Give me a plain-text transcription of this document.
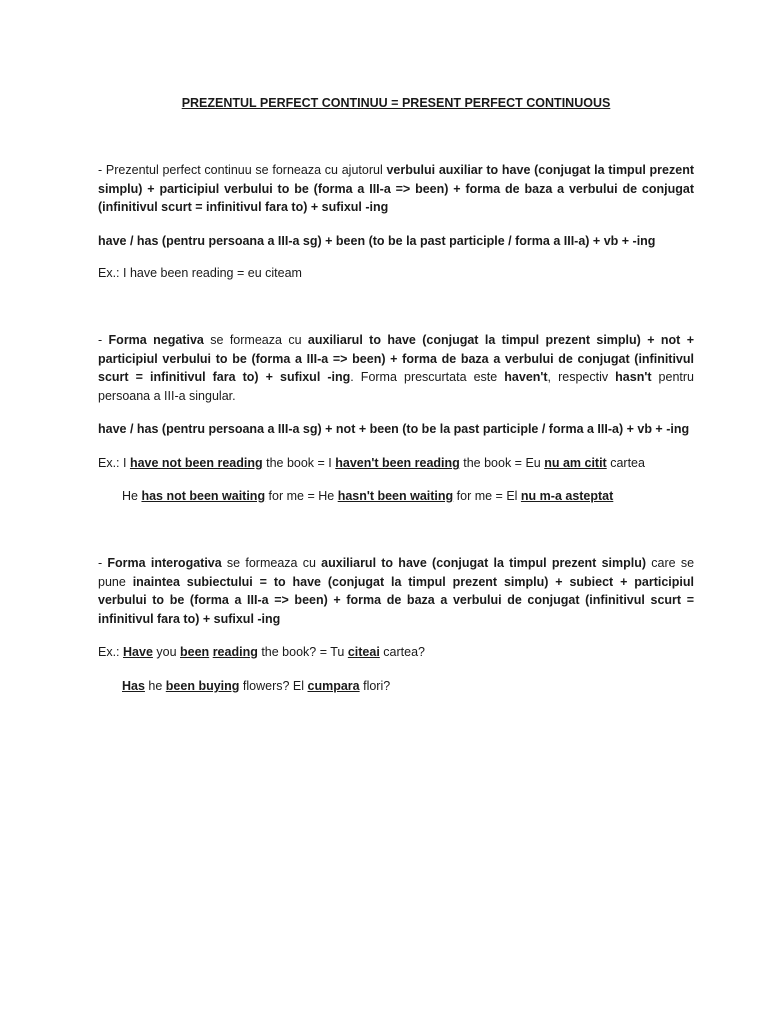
PREZENTUL PERFECT CONTINUU = PRESENT PERFECT CONTINUOUS
- Prezentul perfect continuu se forneaza cu ajutorul verbului auxiliar to have (conjugat la timpul prezent simplu) + participiul verbului to be (forma a III-a => been) + forma de baza a verbului de conjugat (infinitivul scurt = infinitivul fara to) + sufixul -ing
have / has (pentru persoana a III-a sg) + been (to be la past participle / forma a III-a) + vb + -ing
Ex.: I have been reading = eu citeam
- Forma negativa se formeaza cu auxiliarul to have (conjugat la timpul prezent simplu) + not + participiul verbului to be (forma a III-a => been) + forma de baza a verbului de conjugat (infinitivul scurt = infinitivul fara to) + sufixul -ing. Forma prescurtata este haven't, respectiv hasn't pentru persoana a III-a singular.
have / has (pentru persoana a III-a sg) + not + been (to be la past participle / forma a III-a) + vb + -ing
Ex.: I have not been reading the book = I haven't been reading the book = Eu nu am citit cartea
He has not been waiting for me = He hasn't been waiting for me = El nu m-a asteptat
- Forma interogativa se formeaza cu auxiliarul to have (conjugat la timpul prezent simplu) care se pune inaintea subiectului = to have (conjugat la timpul prezent simplu) + subiect + participiul verbului to be (forma a III-a => been) + forma de baza a verbului de conjugat (infinitivul scurt = infinitivul fara to) + sufixul -ing
Ex.: Have you been reading the book? = Tu citeai cartea?
Has he been buying flowers? El cumpara flori?
